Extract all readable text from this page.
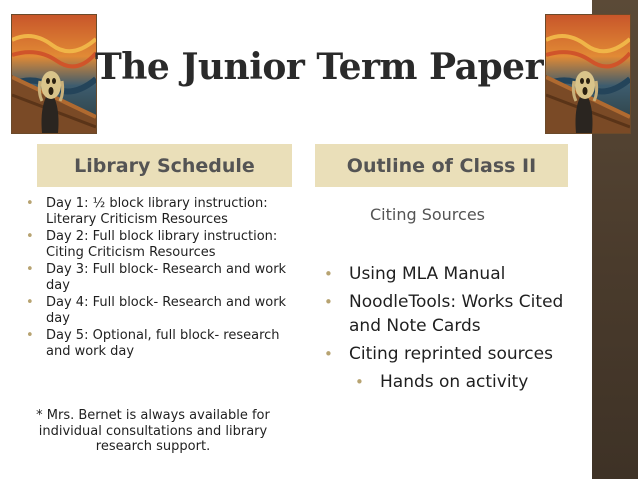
The Junior Term Paper
Library Schedule	Outline of Class II
• Day 1: ½ block library instruction: Literary Criticism Resources
• Day 2: Full block library instruction: Citing Criticism Resources
• Day 3: Full block- Research and work day
• Day 4: Full block- Research and work day
• Day 5: Optional, full block- research and work day

* Mrs. Bernet is always available for individual consultations and library research support.

Citing Sources
• Using MLA Manual
• NoodleTools: Works Cited and Note Cards
• Citing reprinted sources
• Hands on activity
